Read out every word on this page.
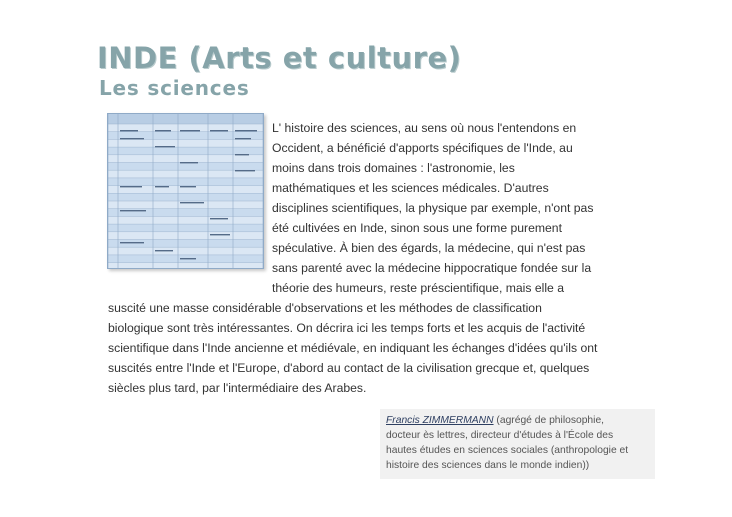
INDE (Arts et culture)
Les sciences
L' histoire des sciences, au sens où nous l'entendons en
Occident, a bénéficié d'apports spécifiques de l'Inde, au
moins dans trois domaines : l'astronomie, les
mathématiques et les sciences médicales. D'autres
disciplines scientifiques, la physique par exemple, n'ont pas
été cultivées en Inde, sinon sous une forme purement
spéculative. À bien des égards, la médecine, qui n'est pas
sans parenté avec la médecine hippocratique fondée sur la
théorie des humeurs, reste préscientifique, mais elle a
suscité une masse considérable d'observations et les méthodes de classification
biologique sont très intéressantes. On décrira ici les temps forts et les acquis de l'activité
scientifique dans l'Inde ancienne et médiévale, en indiquant les échanges d'idées qu'ils ont
suscités entre l'Inde et l'Europe, d'abord au contact de la civilisation grecque et, quelques
siècles plus tard, par l'intermédiaire des Arabes.
Francis ZIMMERMANN (agrégé de philosophie,
docteur ès lettres, directeur d'études à l'École des
hautes études en sciences sociales (anthropologie et
histoire des sciences dans le monde indien))
